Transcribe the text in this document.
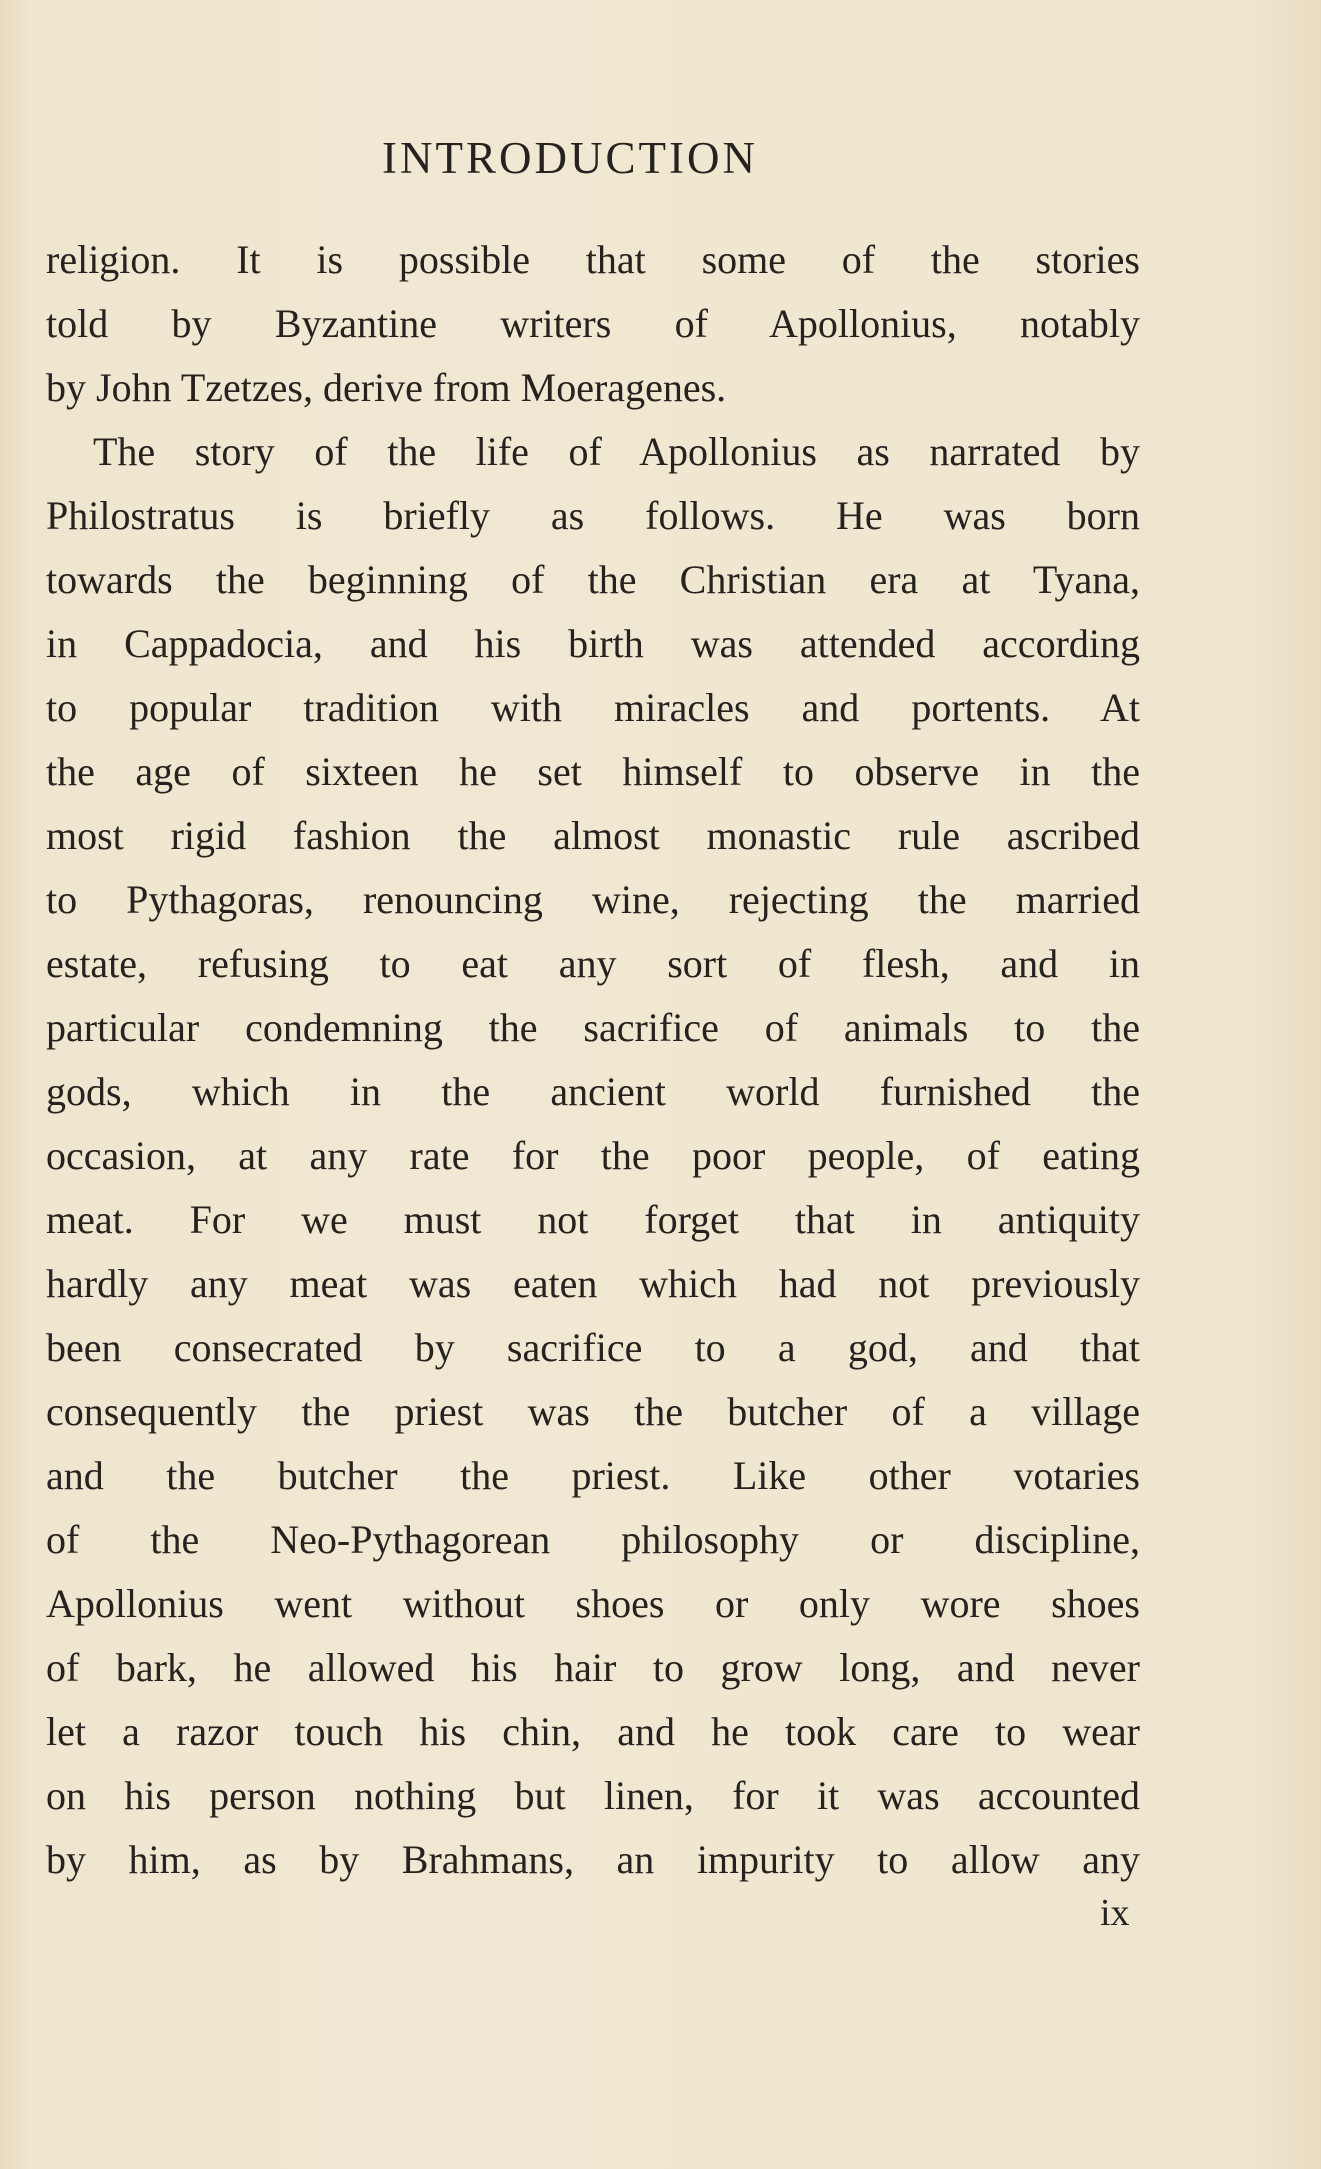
INTRODUCTION
religion. It is possible that some of the stories
told by Byzantine writers of Apollonius, notably
by John Tzetzes, derive from Moeragenes.
The story of the life of Apollonius as narrated by
Philostratus is briefly as follows. He was born
towards the beginning of the Christian era at Tyana,
in Cappadocia, and his birth was attended according
to popular tradition with miracles and portents. At
the age of sixteen he set himself to observe in the
most rigid fashion the almost monastic rule ascribed
to Pythagoras, renouncing wine, rejecting the married
estate, refusing to eat any sort of flesh, and in
particular condemning the sacrifice of animals to the
gods, which in the ancient world furnished the
occasion, at any rate for the poor people, of eating
meat. For we must not forget that in antiquity
hardly any meat was eaten which had not previously
been consecrated by sacrifice to a god, and that
consequently the priest was the butcher of a village
and the butcher the priest. Like other votaries
of the Neo-Pythagorean philosophy or discipline,
Apollonius went without shoes or only wore shoes
of bark, he allowed his hair to grow long, and never
let a razor touch his chin, and he took care to wear
on his person nothing but linen, for it was accounted
by him, as by Brahmans, an impurity to allow any
ix
